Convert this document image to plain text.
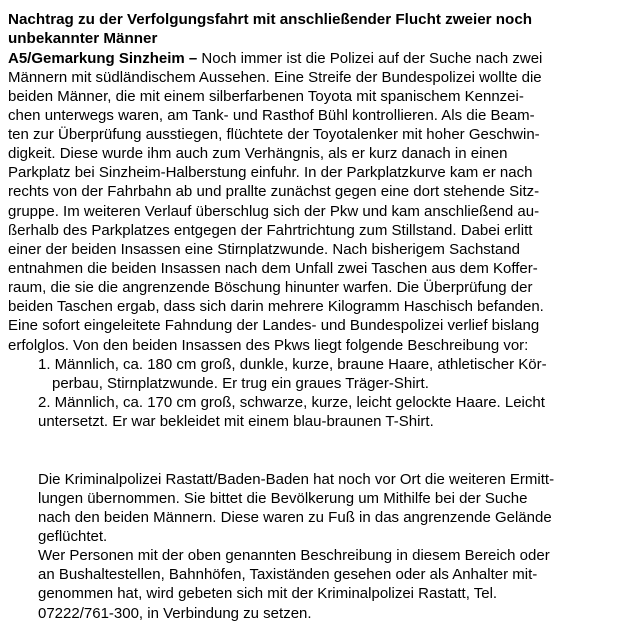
Nachtrag zu der Verfolgungsfahrt mit anschließender Flucht zweier noch
unbekannter Männer
A5/Gemarkung Sinzheim – Noch immer ist die Polizei auf der Suche nach zwei
Männern mit südländischem Aussehen. Eine Streife der Bundespolizei wollte die
beiden Männer, die mit einem silberfarbenen Toyota mit spanischem Kennzei-
chen unterwegs waren, am Tank- und Rasthof Bühl kontrollieren. Als die Beam-
ten zur Überprüfung ausstiegen, flüchtete der Toyotalenker mit hoher Geschwin-
digkeit. Diese wurde ihm auch zum Verhängnis, als er kurz danach in einen
Parkplatz bei Sinzheim-Halberstung einfuhr. In der Parkplatzkurve kam er nach
rechts von der Fahrbahn ab und prallte zunächst gegen eine dort stehende Sitz-
gruppe. Im weiteren Verlauf überschlug sich der Pkw und kam anschließend au-
ßerhalb des Parkplatzes entgegen der Fahrtrichtung zum Stillstand. Dabei erlitt
einer der beiden Insassen eine Stirnplatzwunde. Nach bisherigem Sachstand
entnahmen die beiden Insassen nach dem Unfall zwei Taschen aus dem Koffer-
raum, die sie die angrenzende Böschung hinunter warfen. Die Überprüfung der
beiden Taschen ergab, dass sich darin mehrere Kilogramm Haschisch befanden.
Eine sofort eingeleitete Fahndung der Landes- und Bundespolizei verlief bislang
erfolglos. Von den beiden Insassen des Pkws liegt folgende Beschreibung vor:
1. Männlich, ca. 180 cm groß, dunkle, kurze, braune Haare, athletischer Kör-
perbau, Stirnplatzwunde. Er trug ein graues Träger-Shirt.
2. Männlich, ca. 170 cm groß, schwarze, kurze, leicht gelockte Haare. Leicht
untersetzt. Er war bekleidet mit einem blau-braunen T-Shirt.
Die Kriminalpolizei Rastatt/Baden-Baden hat noch vor Ort die weiteren Ermitt-
lungen übernommen. Sie bittet die Bevölkerung um Mithilfe bei der Suche
nach den beiden Männern. Diese waren zu Fuß in das angrenzende Gelände
geflüchtet.
Wer Personen mit der oben genannten Beschreibung in diesem Bereich oder
an Bushaltestellen, Bahnhöfen, Taxiständen gesehen oder als Anhalter mit-
genommen hat, wird gebeten sich mit der Kriminalpolizei Rastatt, Tel.
07222/761-300, in Verbindung zu setzen.
